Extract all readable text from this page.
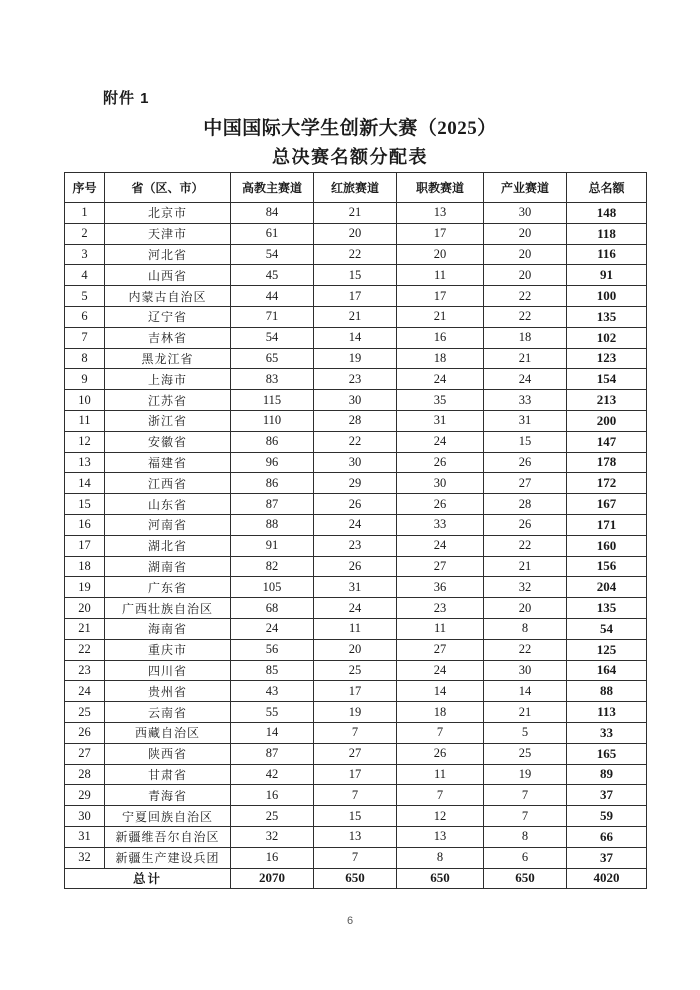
附件 1
中国国际大学生创新大赛（2025）
总决赛名额分配表
序号	省（区、市）	高教主赛道	红旅赛道	职教赛道	产业赛道	总名额
1	北京市	84	21	13	30	148
2	天津市	61	20	17	20	118
3	河北省	54	22	20	20	116
4	山西省	45	15	11	20	91
5	内蒙古自治区	44	17	17	22	100
6	辽宁省	71	21	21	22	135
7	吉林省	54	14	16	18	102
8	黑龙江省	65	19	18	21	123
9	上海市	83	23	24	24	154
10	江苏省	115	30	35	33	213
11	浙江省	110	28	31	31	200
12	安徽省	86	22	24	15	147
13	福建省	96	30	26	26	178
14	江西省	86	29	30	27	172
15	山东省	87	26	26	28	167
16	河南省	88	24	33	26	171
17	湖北省	91	23	24	22	160
18	湖南省	82	26	27	21	156
19	广东省	105	31	36	32	204
20	广西壮族自治区	68	24	23	20	135
21	海南省	24	11	11	8	54
22	重庆市	56	20	27	22	125
23	四川省	85	25	24	30	164
24	贵州省	43	17	14	14	88
25	云南省	55	19	18	21	113
26	西藏自治区	14	7	7	5	33
27	陕西省	87	27	26	25	165
28	甘肃省	42	17	11	19	89
29	青海省	16	7	7	7	37
30	宁夏回族自治区	25	15	12	7	59
31	新疆维吾尔自治区	32	13	13	8	66
32	新疆生产建设兵团	16	7	8	6	37
总计		2070	650	650	650	4020
6
